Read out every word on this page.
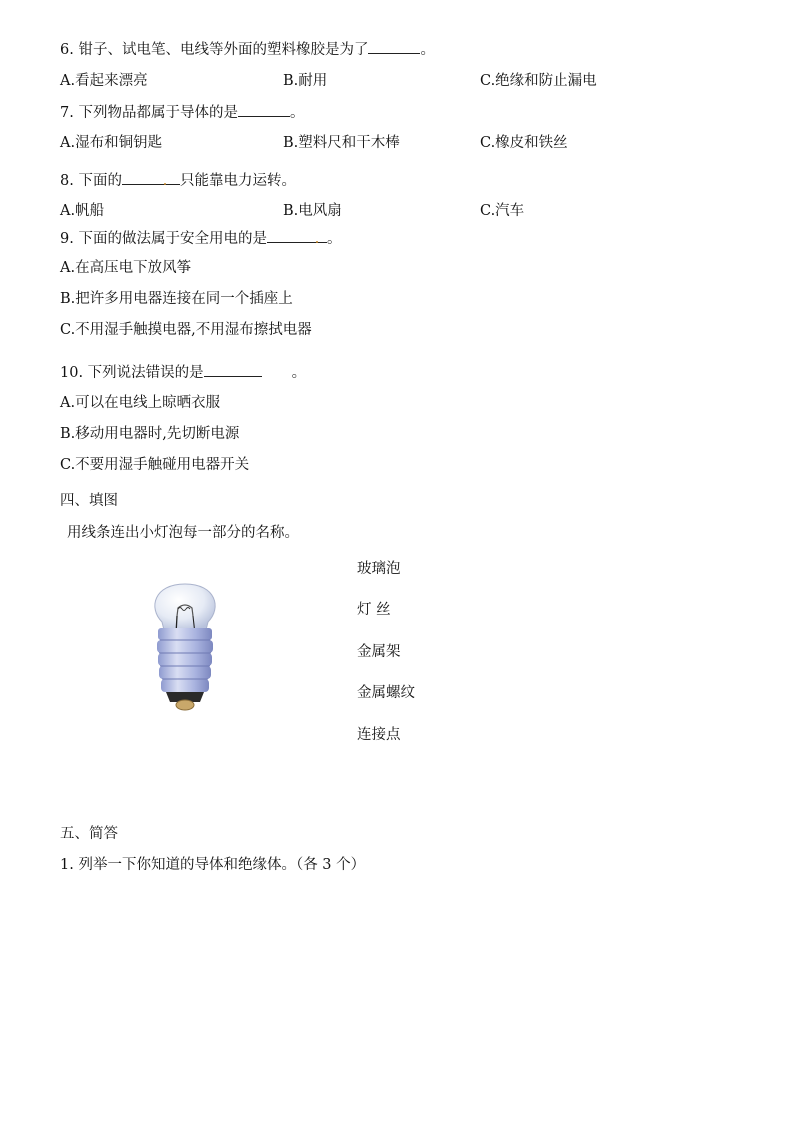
6. 钳子、试电笔、电线等外面的塑料橡胶是为了	。
A.看起来漂亮	B.耐用	C.绝缘和防止漏电
7. 下列物品都属于导体的是	。
A.湿布和铜钥匙	B.塑料尺和干木棒	C.橡皮和铁丝
8. 下面的	只能靠电力运转。
A.帆船	B.电风扇	C.汽车
9. 下面的做法属于安全用电的是	。
A.在高压电下放风筝
B.把许多用电器连接在同一个插座上
C.不用湿手触摸电器,不用湿布擦拭电器
10. 下列说法错误的是	。
A.可以在电线上晾晒衣服
B.移动用电器时,先切断电源
C.不要用湿手触碰用电器开关
四、填图
用线条连出小灯泡每一部分的名称。
玻璃泡
灯 丝
金属架
金属螺纹
连接点
五、简答
1. 列举一下你知道的导体和绝缘体。（各 3 个）
